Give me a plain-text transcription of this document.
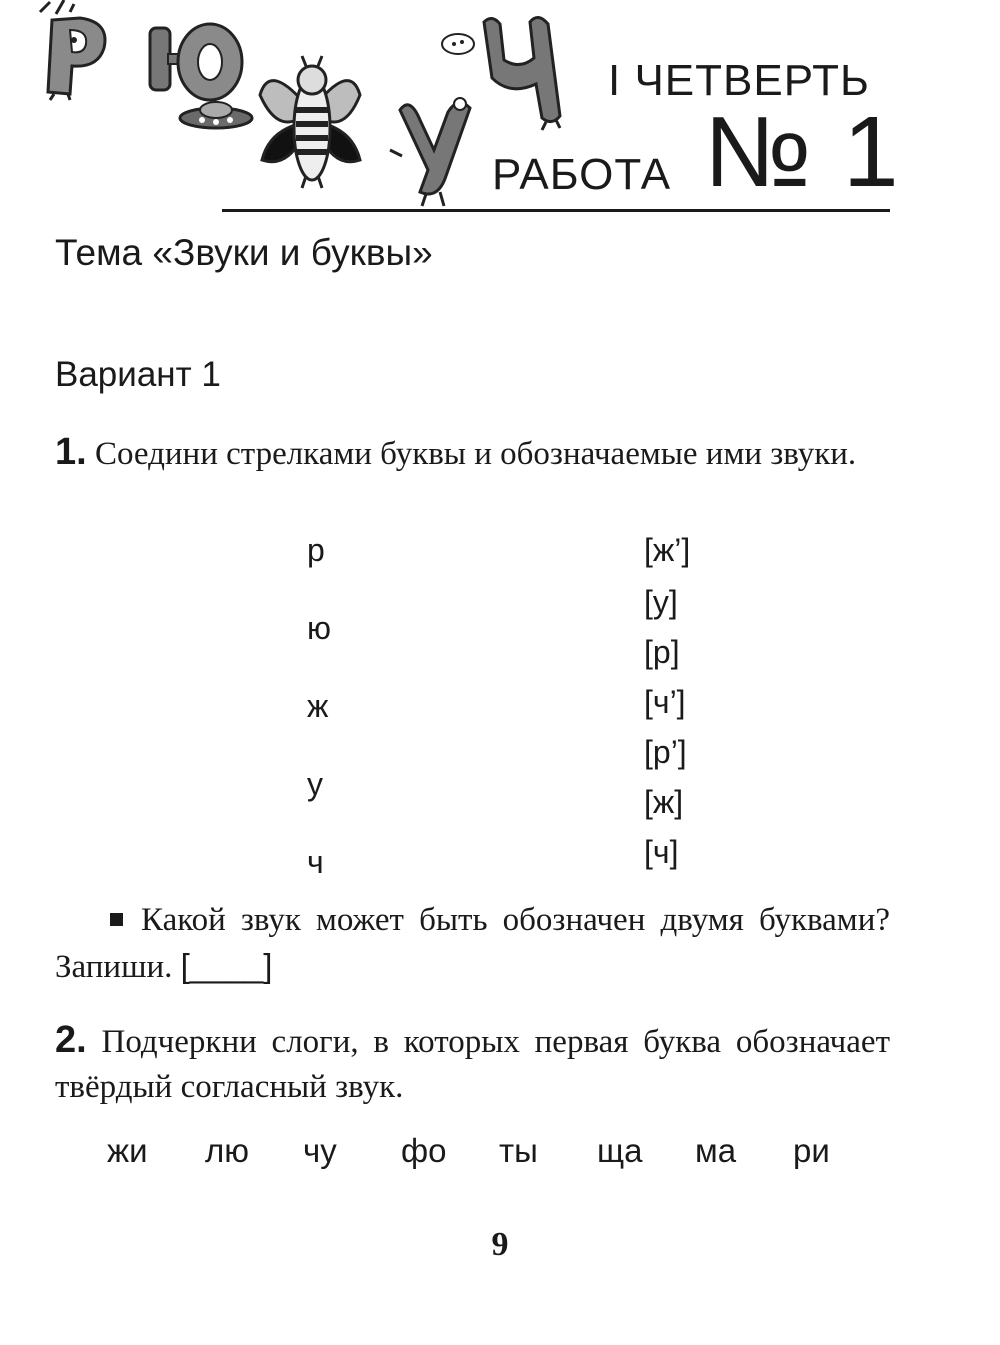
I ЧЕТВЕРТЬ
РАБОТА № 1
Тема «Звуки и буквы»
Вариант 1
1. Соедини стрелками буквы и обозначаемые ими звуки.
р
ю
ж
у
ч
[ж’]
[у]
[р]
[ч’]
[р’]
[ж]
[ч]
Какой звук может быть обозначен двумя буквами? Запиши. [____]
2. Подчеркни слоги, в которых первая буква обозначает твёрдый согласный звук.
жи лю чу фо ты ща ма ри
9
